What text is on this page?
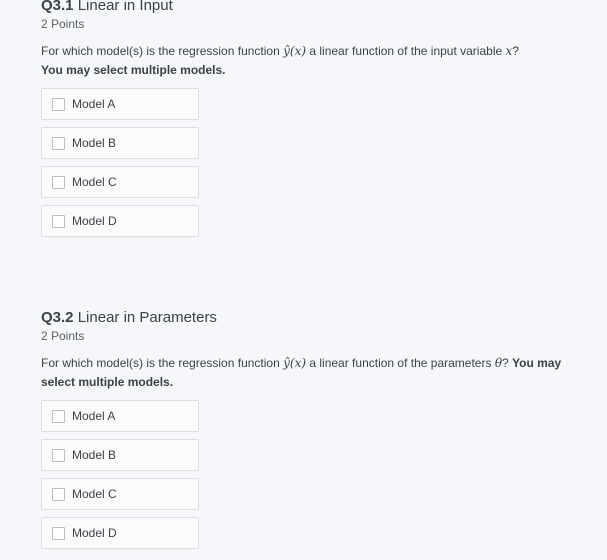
Q3.1 Linear in Input
2 Points
For which model(s) is the regression function ŷ(x) a linear function of the input variable x?
You may select multiple models.
Model A
Model B
Model C
Model D
Q3.2 Linear in Parameters
2 Points
For which model(s) is the regression function ŷ(x) a linear function of the parameters θ? You may select multiple models.
Model A
Model B
Model C
Model D
